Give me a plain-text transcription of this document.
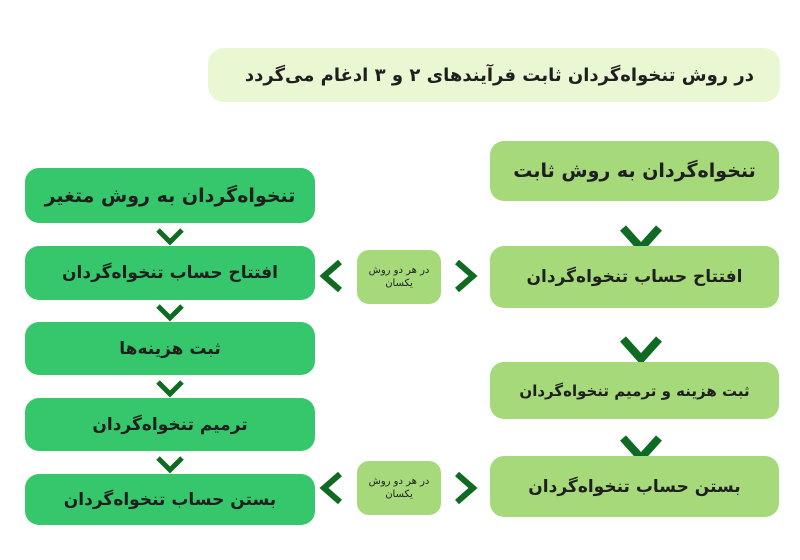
در روش تنخواه‌گردان ثابت فرآیندهای ۲ و ۳ ادغام می‌گردد
تنخواه‌گردان به روش ثابت
افتتاح حساب تنخواه‌گردان
ثبت هزینه و ترمیم تنخواه‌گردان
بستن حساب تنخواه‌گردان
تنخواه‌گردان به روش متغیر
افتتاح حساب تنخواه‌گردان
ثبت هزینه‌ها
ترمیم تنخواه‌گردان
بستن حساب تنخواه‌گردان
در هر دو روش
یکسان
در هر دو روش
یکسان
